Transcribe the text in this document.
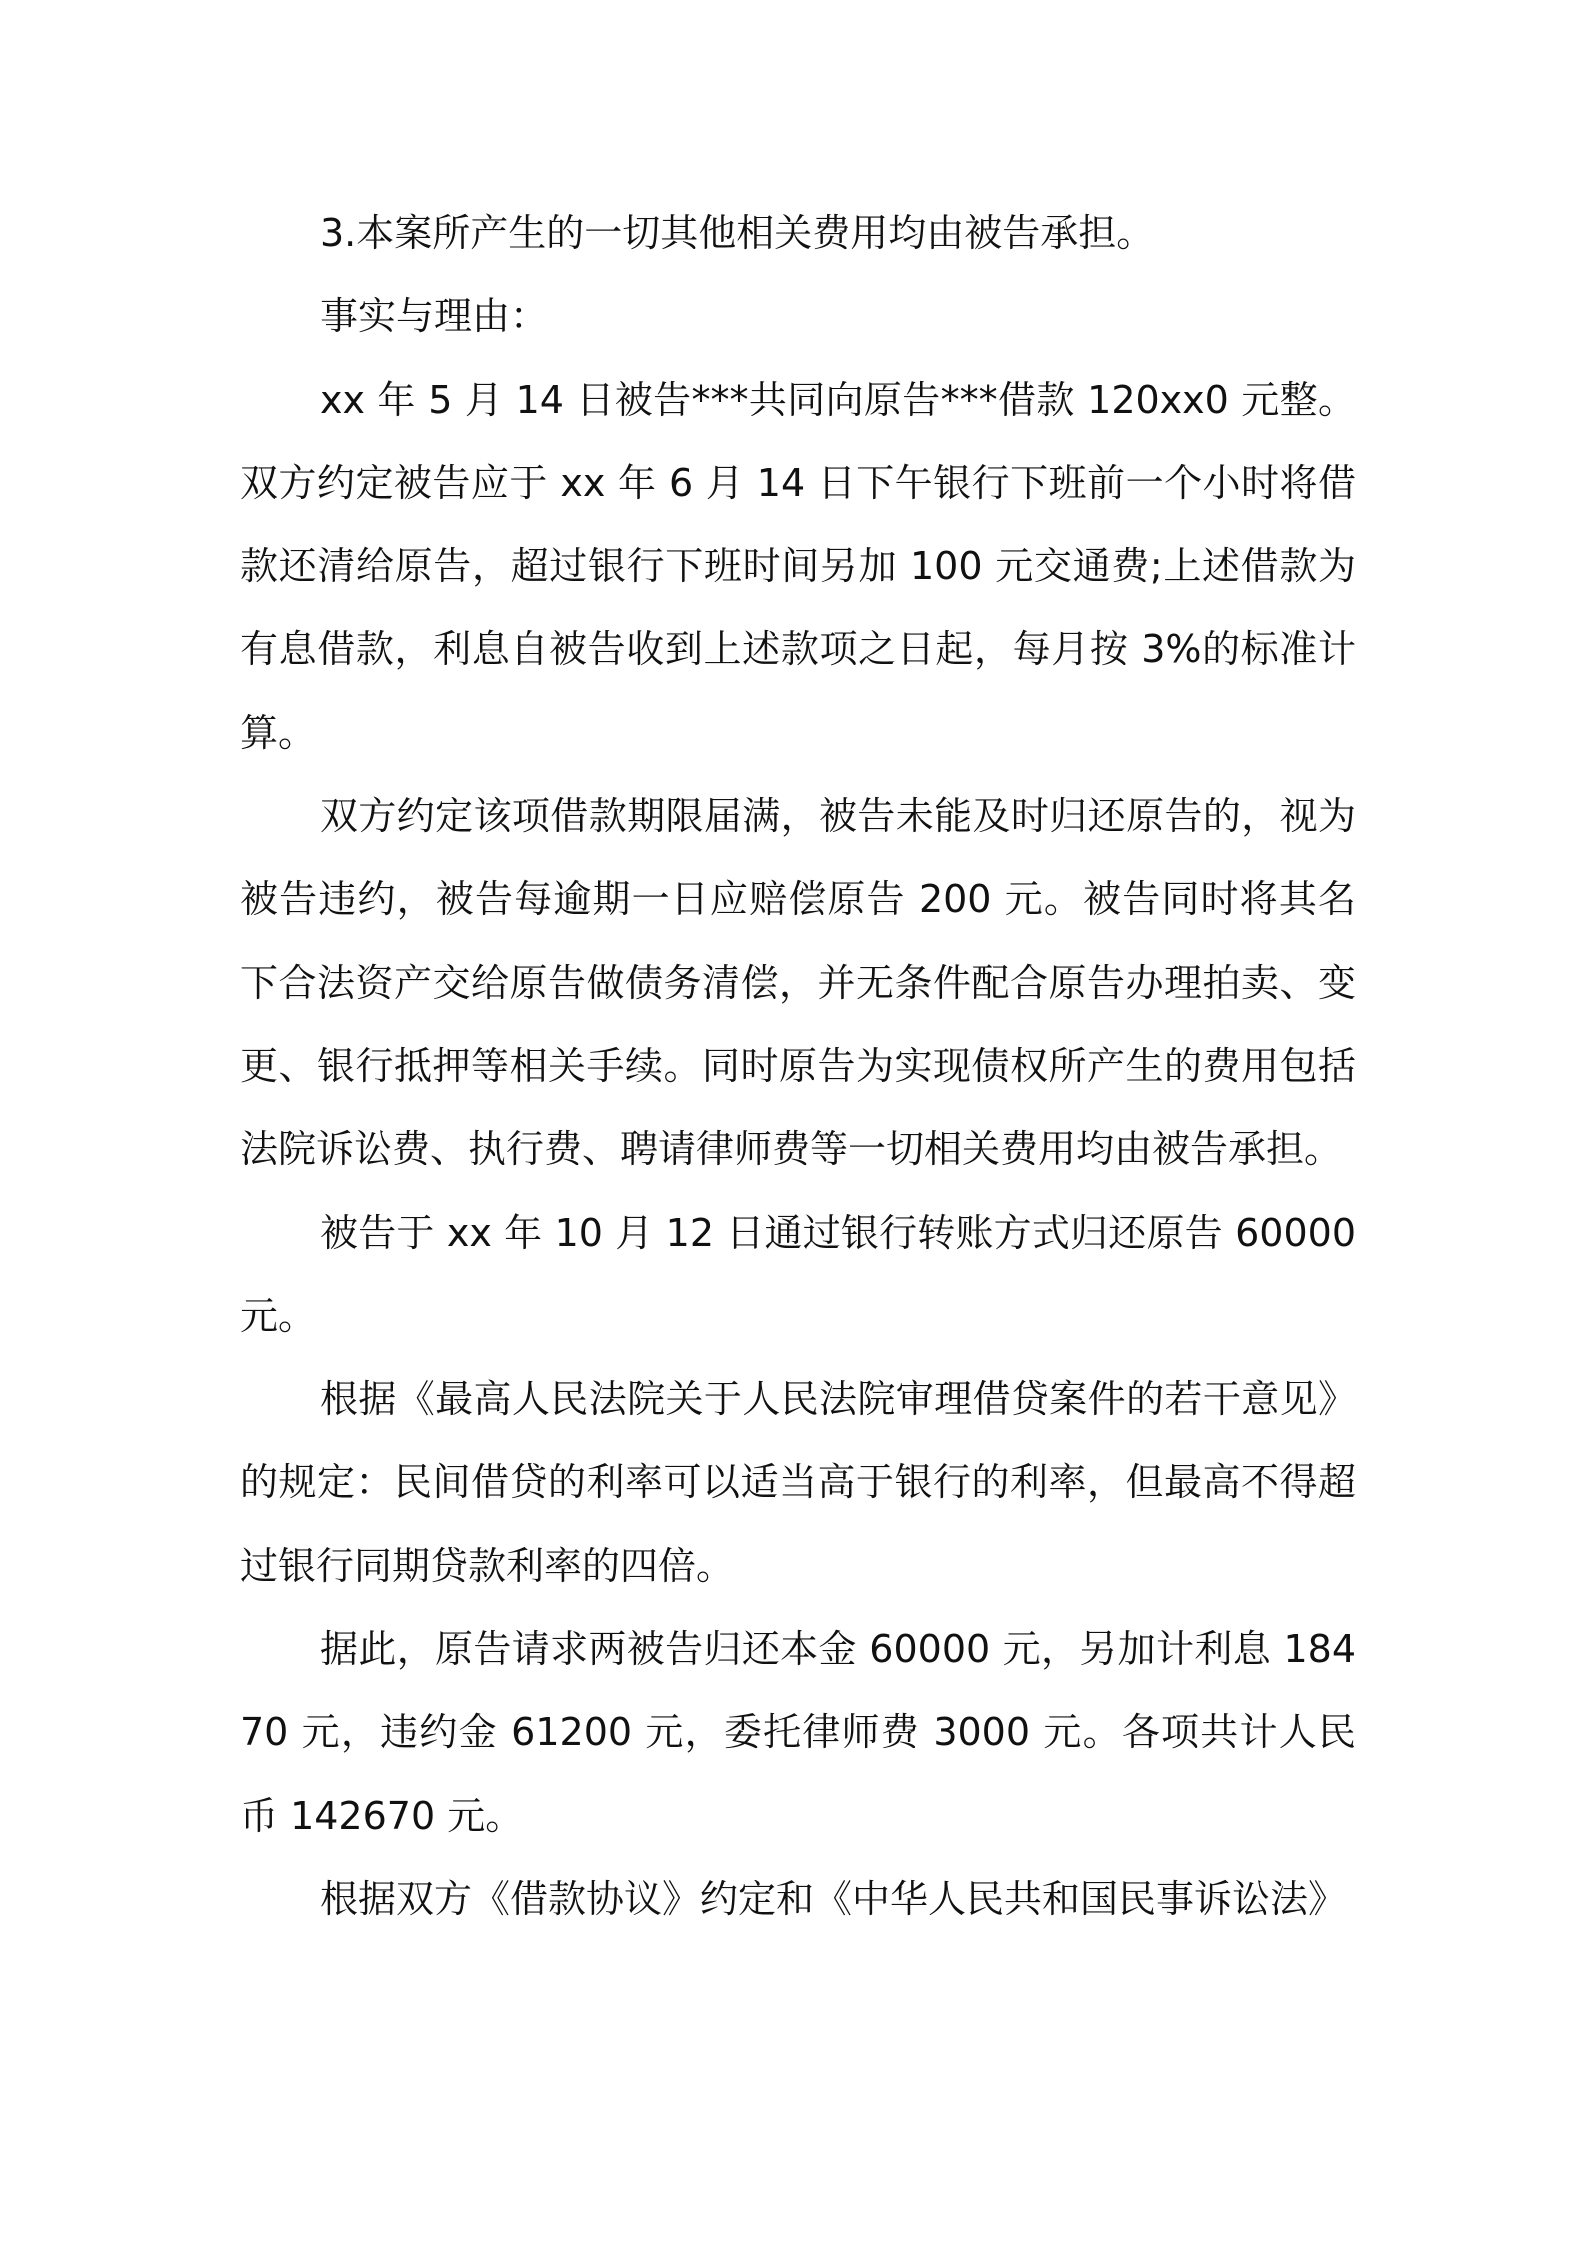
3.本案所产生的一切其他相关费用均由被告承担。

事实与理由：

xx 年 5 月 14 日被告***共同向原告***借款 120xx0 元整。双方约定被告应于 xx 年 6 月 14 日下午银行下班前一个小时将借款还清给原告，超过银行下班时间另加 100 元交通费;上述借款为有息借款，利息自被告收到上述款项之日起，每月按 3%的标准计算。

双方约定该项借款期限届满，被告未能及时归还原告的，视为被告违约，被告每逾期一日应赔偿原告 200 元。被告同时将其名下合法资产交给原告做债务清偿，并无条件配合原告办理拍卖、变更、银行抵押等相关手续。同时原告为实现债权所产生的费用包括法院诉讼费、执行费、聘请律师费等一切相关费用均由被告承担。

被告于 xx 年 10 月 12 日通过银行转账方式归还原告 60000 元。

根据《最高人民法院关于人民法院审理借贷案件的若干意见》的规定：民间借贷的利率可以适当高于银行的利率，但最高不得超过银行同期贷款利率的四倍。

据此，原告请求两被告归还本金 60000 元，另加计利息 18470 元，违约金 61200 元，委托律师费 3000 元。各项共计人民币 142670 元。

根据双方《借款协议》约定和《中华人民共和国民事诉讼法》
